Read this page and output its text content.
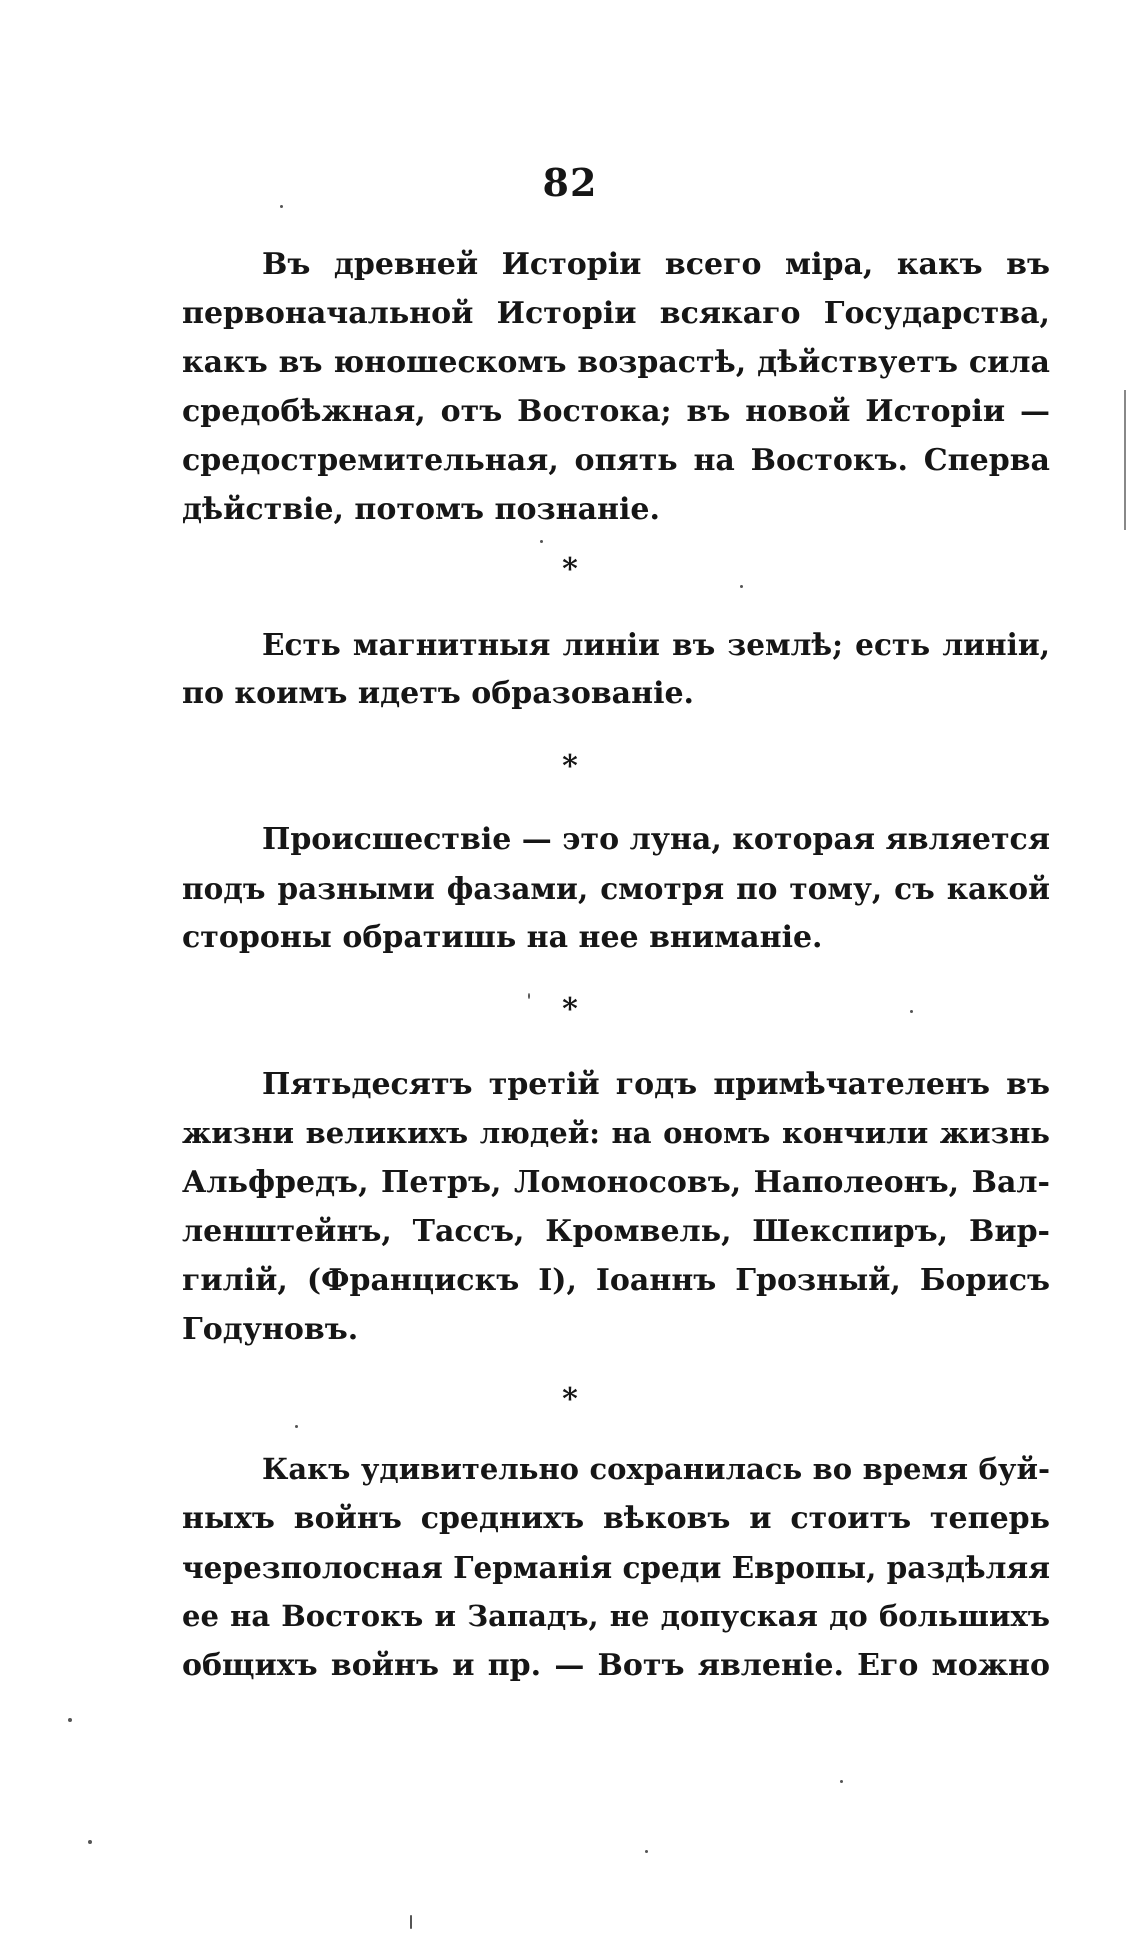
82
Въ древней Исторіи всего міра, какъ въ
первоначальной Исторіи всякаго Государства,
какъ въ юношескомъ возрастѣ, дѣйствуетъ сила
средобѣжная, отъ Востока; въ новой Исторіи —
средостремительная, опять на Востокъ. Сперва
дѣйствіе, потомъ познаніе.
*
Есть магнитныя линіи въ землѣ; есть линіи,
по коимъ идетъ образованіе.
*
Происшествіе — это луна, которая является
подъ разными фазами, смотря по тому, съ какой
стороны обратишь на нее вниманіе.
*
Пятьдесятъ третій годъ примѣчателенъ въ
жизни великихъ людей: на ономъ кончили жизнь
Альфредъ, Петръ, Ломоносовъ, Наполеонъ, Вал-
ленштейнъ, Тассъ, Кромвель, Шекспиръ, Вир-
гилій, (Францискъ I), Іоаннъ Грозный, Борисъ
Годуновъ.
*
Какъ удивительно сохранилась во время буй-
ныхъ войнъ среднихъ вѣковъ и стоитъ теперь
черезполосная Германія среди Европы, раздѣляя
ее на Востокъ и Западъ, не допуская до большихъ
общихъ войнъ и пр. — Вотъ явленіе. Его можно
